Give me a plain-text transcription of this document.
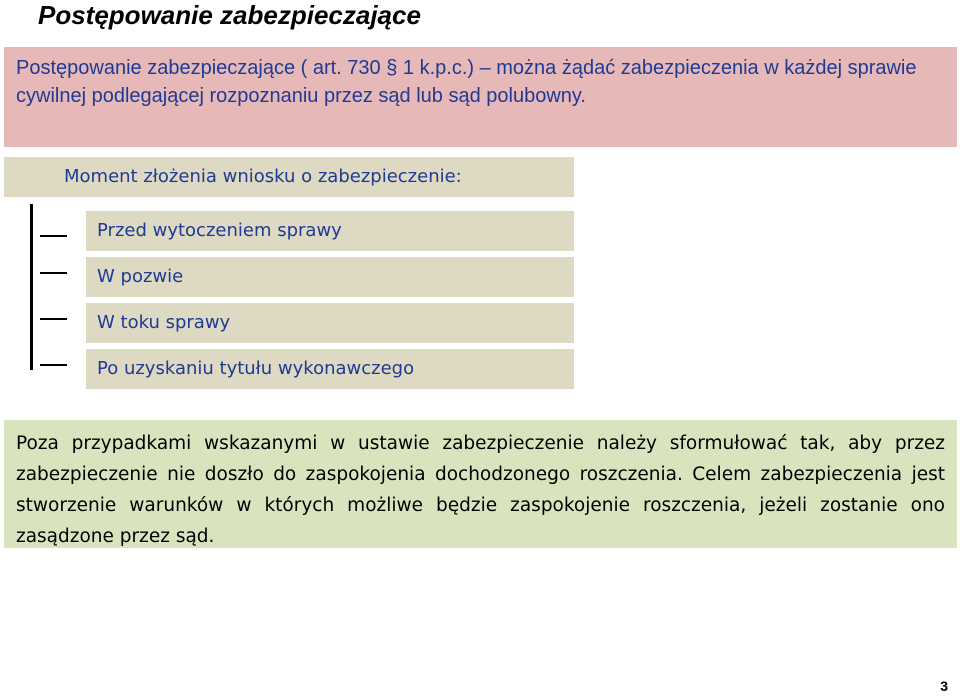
Postępowanie zabezpieczające
Postępowanie zabezpieczające ( art. 730 § 1 k.p.c.) – można żądać zabezpieczenia w każdej sprawie cywilnej podlegającej rozpoznaniu przez sąd lub sąd polubowny.
Moment złożenia wniosku o zabezpieczenie:
Przed wytoczeniem sprawy
W pozwie
W toku sprawy
Po uzyskaniu tytułu wykonawczego
Poza przypadkami wskazanymi w ustawie zabezpieczenie należy sformułować tak, aby przez zabezpieczenie nie doszło do zaspokojenia dochodzonego roszczenia. Celem zabezpieczenia jest stworzenie warunków w których możliwe będzie zaspokojenie roszczenia, jeżeli zostanie ono zasądzone przez sąd.
3
